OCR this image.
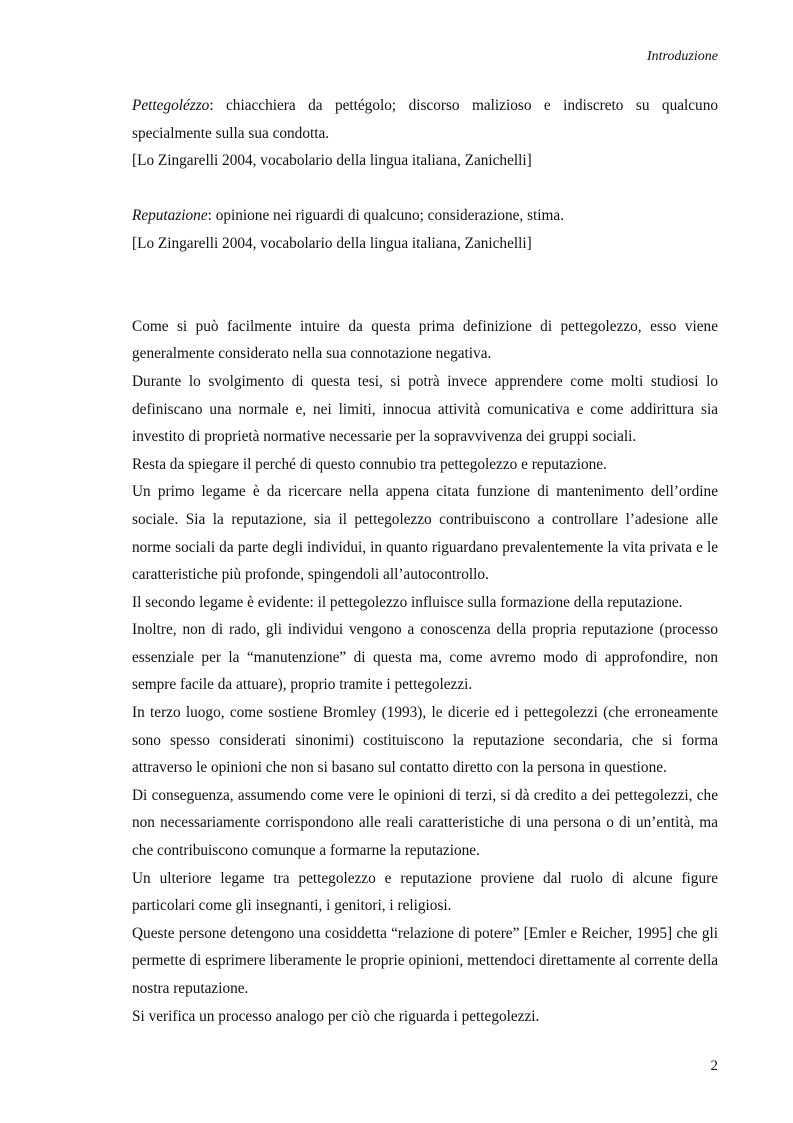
Introduzione

Pettegolézzo: chiacchiera da pettégolo; discorso malizioso e indiscreto su qualcuno specialmente sulla sua condotta.

[Lo Zingarelli 2004, vocabolario della lingua italiana, Zanichelli]

Reputazione: opinione nei riguardi di qualcuno; considerazione, stima.

[Lo Zingarelli 2004, vocabolario della lingua italiana, Zanichelli]

Come si può facilmente intuire da questa prima definizione di pettegolezzo, esso viene generalmente considerato nella sua connotazione negativa.

Durante lo svolgimento di questa tesi, si potrà invece apprendere come molti studiosi lo definiscano una normale e, nei limiti, innocua attività comunicativa e come addirittura sia investito di proprietà normative necessarie per la sopravvivenza dei gruppi sociali.

Resta da spiegare il perché di questo connubio tra pettegolezzo e reputazione.

Un primo legame è da ricercare nella appena citata funzione di mantenimento dell’ordine sociale. Sia la reputazione, sia il pettegolezzo contribuiscono a controllare l’adesione alle norme sociali da parte degli individui, in quanto riguardano prevalentemente la vita privata e le caratteristiche più profonde, spingendoli all’autocontrollo.

Il secondo legame è evidente: il pettegolezzo influisce sulla formazione della reputazione.

Inoltre, non di rado, gli individui vengono a conoscenza della propria reputazione (processo essenziale per la “manutenzione” di questa ma, come avremo modo di approfondire, non sempre facile da attuare), proprio tramite i pettegolezzi.

In terzo luogo, come sostiene Bromley (1993), le dicerie ed i pettegolezzi (che erroneamente sono spesso considerati sinonimi) costituiscono la reputazione secondaria, che si forma attraverso le opinioni che non si basano sul contatto diretto con la persona in questione.

Di conseguenza, assumendo come vere le opinioni di terzi, si dà credito a dei pettegolezzi, che non necessariamente corrispondono alle reali caratteristiche di una persona o di un’entità, ma che contribuiscono comunque a formarne la reputazione.

Un ulteriore legame tra pettegolezzo e reputazione proviene dal ruolo di alcune figure particolari come gli insegnanti, i genitori, i religiosi.

Queste persone detengono una cosiddetta “relazione di potere” [Emler e Reicher, 1995] che gli permette di esprimere liberamente le proprie opinioni, mettendoci direttamente al corrente della nostra reputazione.

Si verifica un processo analogo per ciò che riguarda i pettegolezzi.

2
